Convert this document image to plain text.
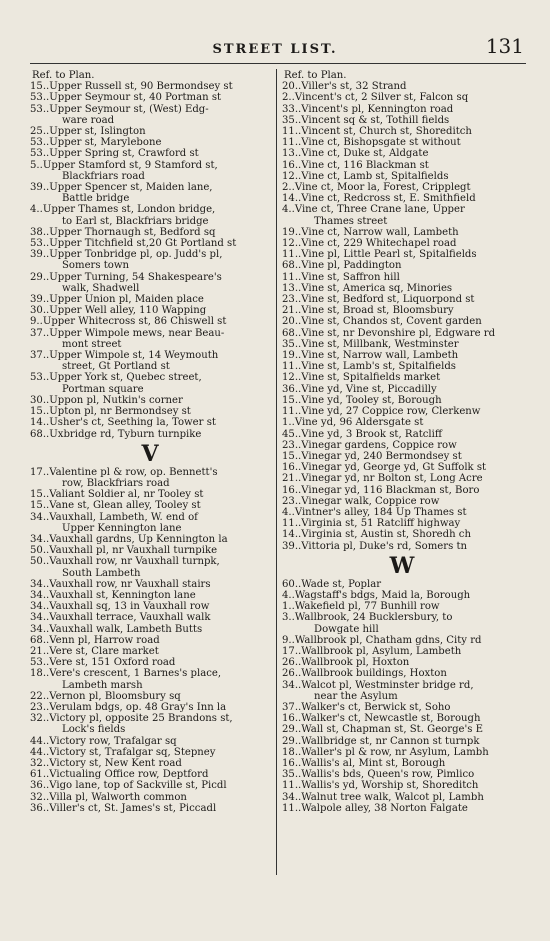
STREET LIST.	131
Ref. to Plan.
15..Upper Russell st, 90 Bermondsey st
53..Upper Seymour st, 40 Portman st
53..Upper Seymour st, (West) Edg-
ware road
25..Upper st, Islington
53..Upper st, Marylebone
53..Upper Spring st, Crawford st
5..Upper Stamford st, 9 Stamford st,
Blackfriars road
39..Upper Spencer st, Maiden lane,
Battle bridge
4..Upper Thames st, London bridge,
to Earl st, Blackfriars bridge
38..Upper Thornaugh st, Bedford sq
53..Upper Titchfield st,20 Gt Portland st
39..Upper Tonbridge pl, op. Judd's pl,
Somers town
29..Upper Turning, 54 Shakespeare's
walk, Shadwell
39..Upper Union pl, Maiden place
30..Upper Well alley, 110 Wapping
9..Upper Whitecross st, 86 Chiswell st
37..Upper Wimpole mews, near Beau-
mont street
37..Upper Wimpole st, 14 Weymouth
street, Gt Portland st
53..Upper York st, Quebec street,
Portman square
30..Uppon pl, Nutkin's corner
15..Upton pl, nr Bermondsey st
14..Usher's ct, Seething la, Tower st
68..Uxbridge rd, Tyburn turnpike
V
17..Valentine pl & row, op. Bennett's
row, Blackfriars road
15..Valiant Soldier al, nr Tooley st
15..Vane st, Glean alley, Tooley st
34..Vauxhall, Lambeth, W. end of
Upper Kennington lane
34..Vauxhall gardns, Up Kennington la
50..Vauxhall pl, nr Vauxhall turnpike
50..Vauxhall row, nr Vauxhall turnpk,
South Lambeth
34..Vauxhall row, nr Vauxhall stairs
34..Vauxhall st, Kennington lane
34..Vauxhall sq, 13 in Vauxhall row
34..Vauxhall terrace, Vauxhall walk
34..Vauxhall walk, Lambeth Butts
68..Venn pl, Harrow road
21..Vere st, Clare market
53..Vere st, 151 Oxford road
18..Vere's crescent, 1 Barnes's place,
Lambeth marsh
22..Vernon pl, Bloomsbury sq
23..Verulam bdgs, op. 48 Gray's Inn la
32..Victory pl, opposite 25 Brandons st,
Lock's fields
44..Victory row, Trafalgar sq
44..Victory st, Trafalgar sq, Stepney
32..Victory st, New Kent road
61..Victualing Office row, Deptford
36..Vigo lane, top of Sackville st, Picdl
32..Villa pl, Walworth common
36..Viller's ct, St. James's st, Piccadl
Ref. to Plan.
20..Viller's st, 32 Strand
2..Vincent's ct, 2 Silver st, Falcon sq
33..Vincent's pl, Kennington road
35..Vincent sq & st, Tothill fields
11..Vincent st, Church st, Shoreditch
11..Vine ct, Bishopsgate st without
13..Vine ct, Duke st, Aldgate
16..Vine ct, 116 Blackman st
12..Vine ct, Lamb st, Spitalfields
2..Vine ct, Moor la, Forest, Cripplegt
14..Vine ct, Redcross st, E. Smithfield
4..Vine ct, Three Crane lane, Upper
Thames street
19..Vine ct, Narrow wall, Lambeth
12..Vine ct, 229 Whitechapel road
11..Vine pl, Little Pearl st, Spitalfields
68..Vine pl, Paddington
11..Vine st, Saffron hill
13..Vine st, America sq, Minories
23..Vine st, Bedford st, Liquorpond st
21..Vine st, Broad st, Bloomsbury
20..Vine st, Chandos st, Covent garden
68..Vine st, nr Devonshire pl, Edgware rd
35..Vine st, Millbank, Westminster
19..Vine st, Narrow wall, Lambeth
11..Vine st, Lamb's st, Spitalfields
12..Vine st, Spitalfields market
36..Vine yd, Vine st, Piccadilly
15..Vine yd, Tooley st, Borough
11..Vine yd, 27 Coppice row, Clerkenw
1..Vine yd, 96 Aldersgate st
45..Vine yd, 3 Brook st, Ratcliff
23..Vinegar gardens, Coppice row
15..Vinegar yd, 240 Bermondsey st
16..Vinegar yd, George yd, Gt Suffolk st
21..Vinegar yd, nr Bolton st, Long Acre
16..Vinegar yd, 116 Blackman st, Boro
23..Vinegar walk, Coppice row
4..Vintner's alley, 184 Up Thames st
11..Virginia st, 51 Ratcliff highway
14..Virginia st, Austin st, Shoredh ch
39..Vittoria pl, Duke's rd, Somers tn
W
60..Wade st, Poplar
4..Wagstaff's bdgs, Maid la, Borough
1..Wakefield pl, 77 Bunhill row
3..Wallbrook, 24 Bucklersbury, to
Dowgate hill
9..Wallbrook pl, Chatham gdns, City rd
17..Wallbrook pl, Asylum, Lambeth
26..Wallbrook pl, Hoxton
26..Wallbrook buildings, Hoxton
34..Walcot pl, Westminster bridge rd,
near the Asylum
37..Walker's ct, Berwick st, Soho
16..Walker's ct, Newcastle st, Borough
29..Wall st, Chapman st, St. George's E
29..Wallbridge st, nr Cannon st turnpk
18..Waller's pl & row, nr Asylum, Lambh
16..Wallis's al, Mint st, Borough
35..Wallis's bds, Queen's row, Pimlico
11..Wallis's yd, Worship st, Shoreditch
34..Walnut tree walk, Walcot pl, Lambh
11..Walpole alley, 38 Norton Falgate
